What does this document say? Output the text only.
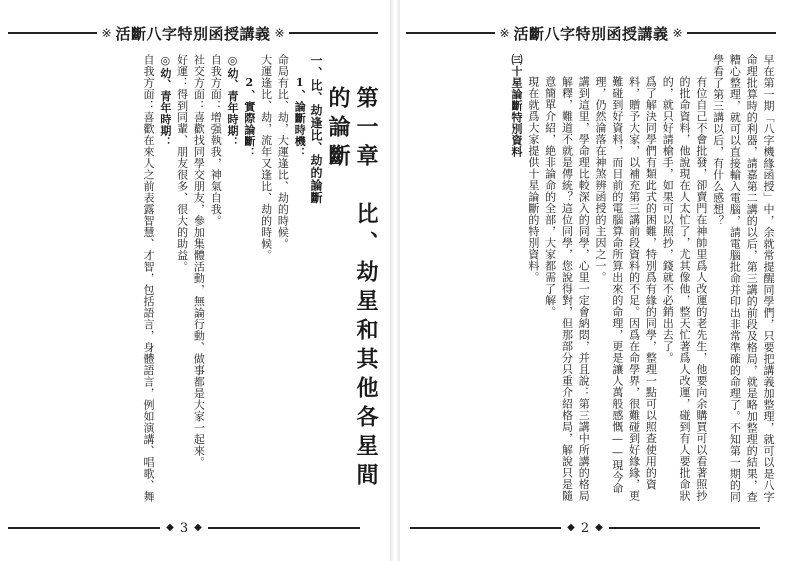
※ 活斷八字特別函授講義 ※

第一章　比、劫星和其他各星間的論斷

一、比、劫逢比、劫的論斷

1、論斷時機：

命局有比、劫，大運逢比、劫的時候。

大運逢比、劫，流年又逢比、劫的時候。

2、實際論斷：

◎幼、青年時期：

自我方面：增强執我，神氣自我。

社交方面：喜歡找同學交朋友，參加集體活動，無論行動、做事都是大家一起來。

好運：得到同輩、朋友很多、很大的助益。

◎幼、青年時期：

自我方面：喜歡在來人之前表露智慧、才智，包括語言，身體語言，例如演講、唱歌、舞

◆ 3 ◆
※ 活斷八字特別函授講義 ※

早在第一期「八字機緣函授」中，余就常提醒同學們，只要把講義加整理，就可以是八字命理批算時的利器，請嘉第二講的以后，第三講的前段及格局，就是略加整理的結果，查糟心整理，就可以直接輸入電腦，請電腦批命并印出非常準確的命理了。不知第一期的同學看了第三講以后，有什么感想？

有位自己不會批發，卻賣門在神帥里爲人改運的老先生，他要向余購買可以看著照抄的批命資料，他說現在人太忙了，尤其像他，整天忙著爲人改運，碰到有人要批命狀的，就只好請槍手，如果可以照抄，錢就不必銷出去了。

爲了解決同學們有類此式的困難，特別爲有緣的同學，整理一點可以照查使用的資料，贈予大家，以補充第三講前段資料的不足。因爲在命學界，很難碰到好緣緣，更難碰到好資料，而目前的電腦算命所算出來的命理，更是讓人萬般感慨——現今命理，仍然淪落在神煞辨函授的主因之一。

講到這里，學命理比較深入的同學，心里一定會納悶，并且說：第三講中所講的格局解釋，難道不就是傳統？這位同學，您說得對，但那部分只重介紹格局，解說只是隨意簡單介紹，絶非論命的全部，大家都需了解。

現在就爲大家提供十星論斷的特別資料。

㈢十星論斷特別資料

◆ 2 ◆
